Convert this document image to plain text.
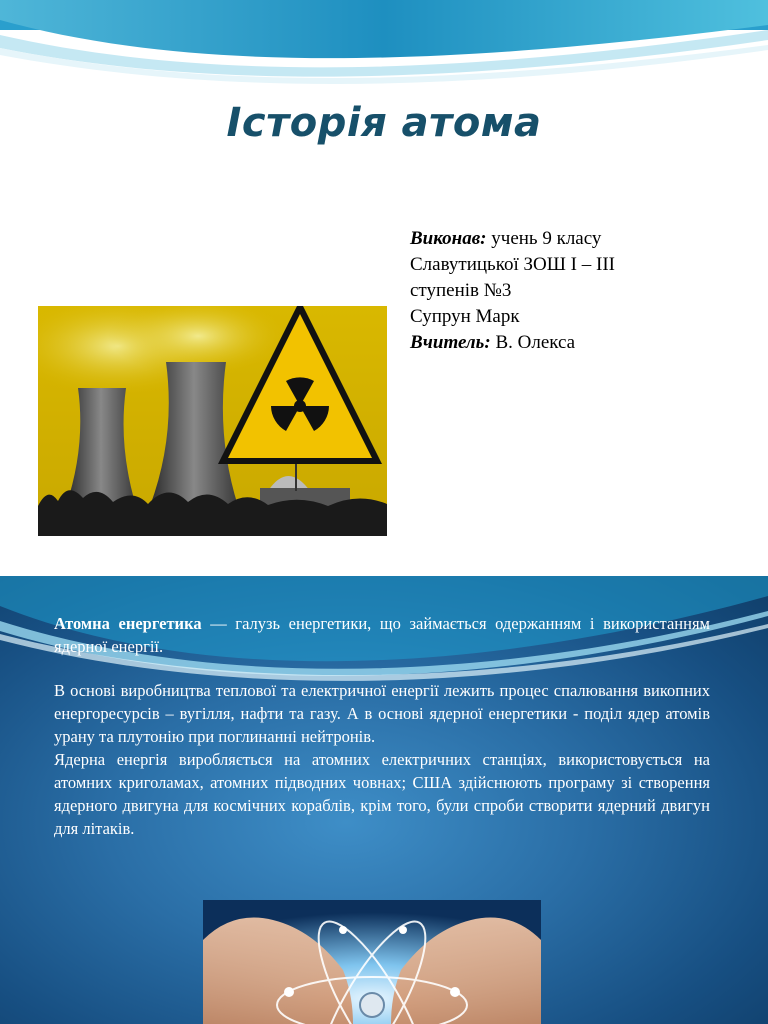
Історія атома
Виконав: учень 9 класу
Славутицької ЗОШ І – ІІІ
ступенів №3
Супрун Марк
Вчитель: В. Олекса

Атомна енергетика — галузь енергетики, що займається одержанням і використанням ядерної енергії.

В основі виробництва теплової та електричної енергії лежить процес спалювання викопних енергоресурсів – вугілля, нафти та газу. А в основі ядерної енергетики - поділ ядер атомів урану та плутонію при поглинанні нейтронів.

Ядерна енергія виробляється на атомних електричних станціях, використовується на атомних криголамах, атомних підводних човнах; США здійснюють програму зі створення ядерного двигуна для космічних кораблів, крім того, були спроби створити ядерний двигун для літаків.
